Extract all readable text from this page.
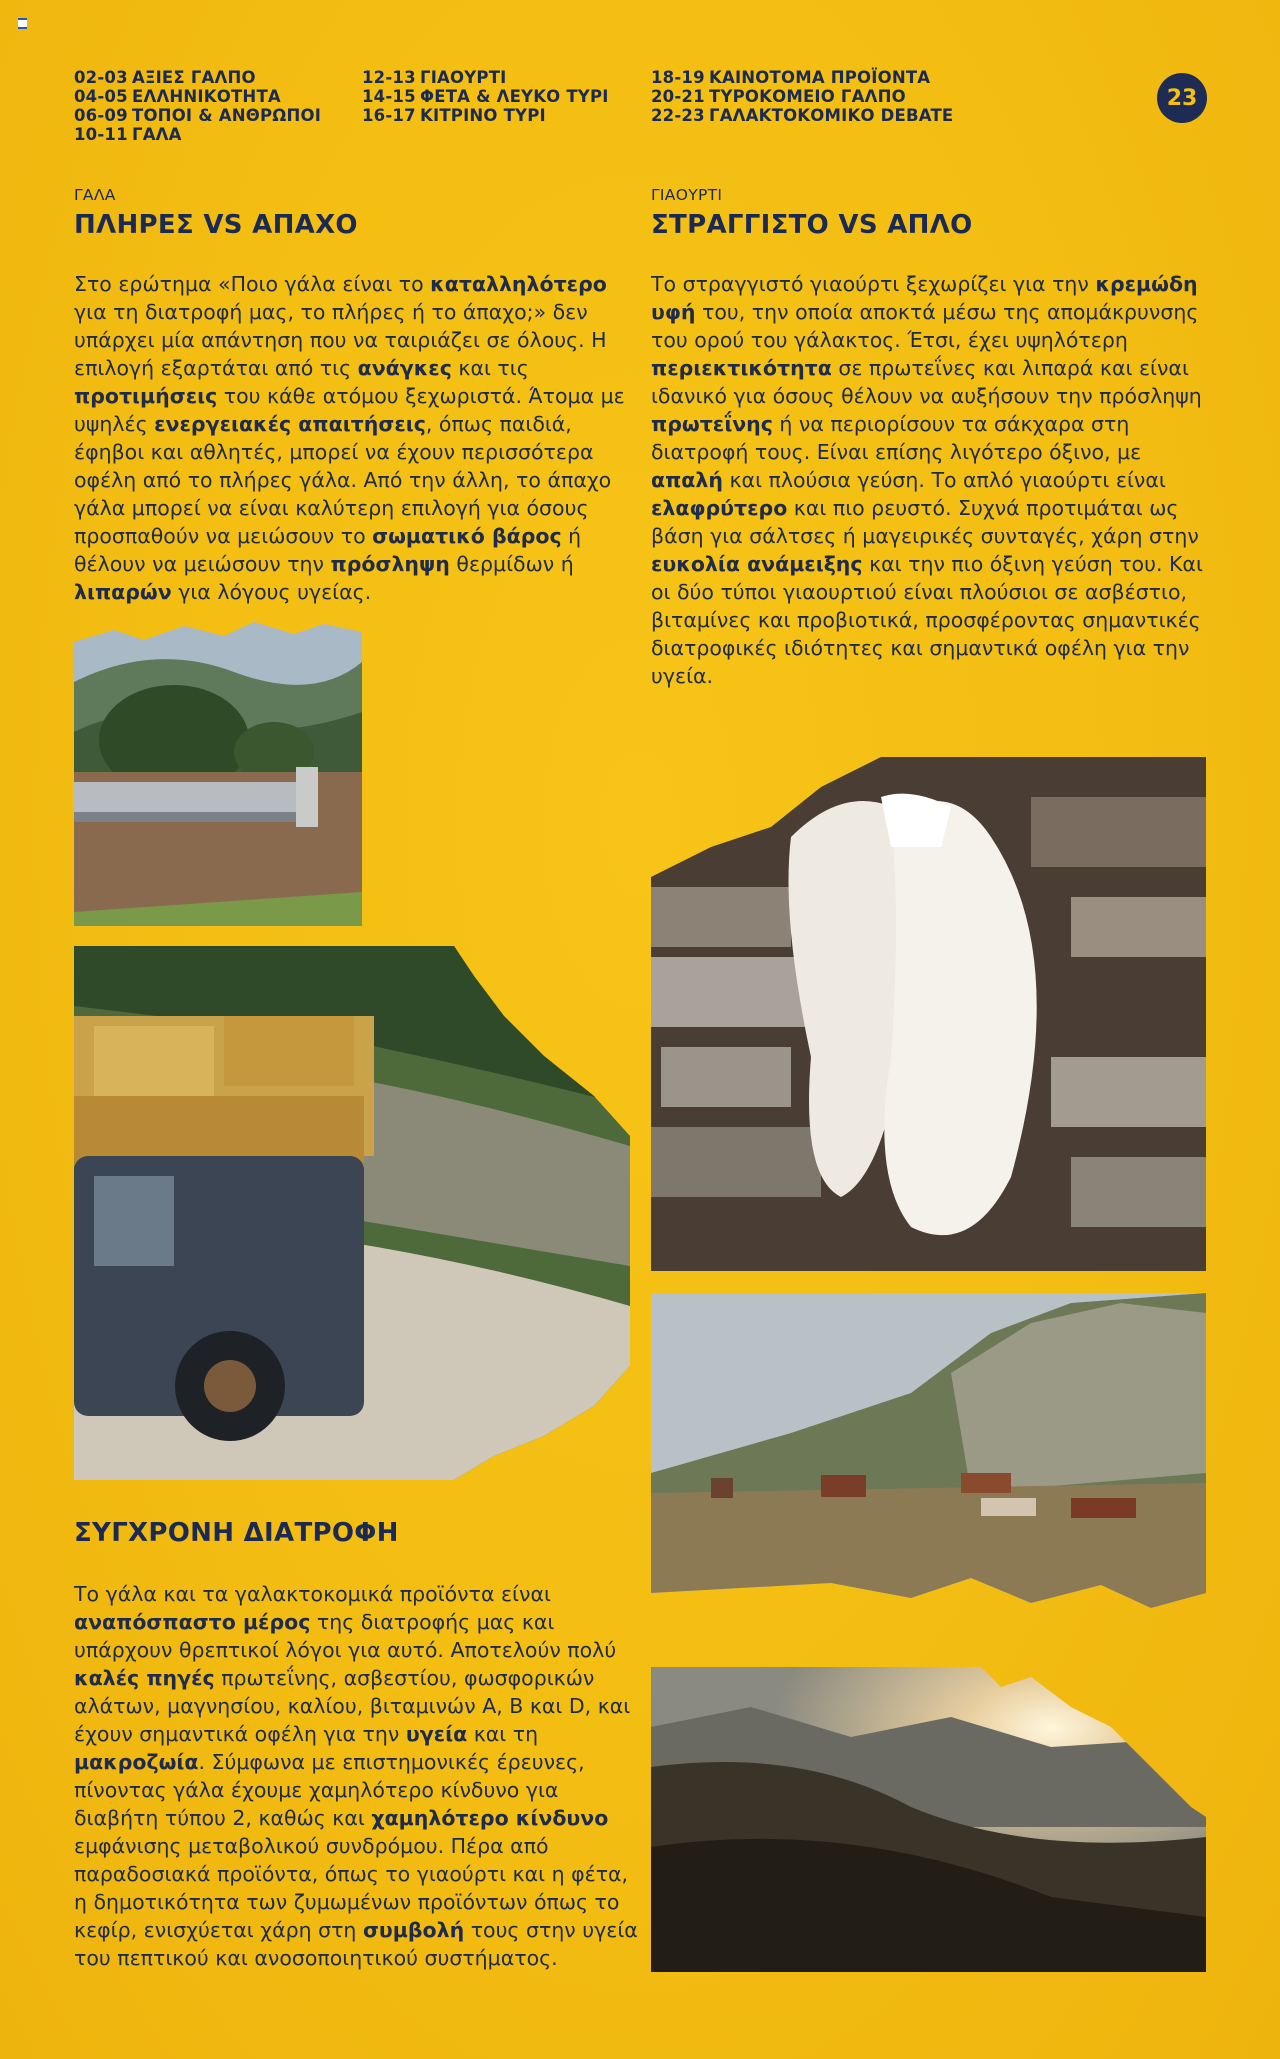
02-03 ΑΞΙΕΣ ΓΑΛΠΟ
04-05 ΕΛΛΗΝΙΚΟΤΗΤΑ
06-09 ΤΟΠΟΙ & ΑΝΘΡΩΠΟΙ
10-11 ΓΑΛΑ
12-13 ΓΙΑΟΥΡΤΙ
14-15 ΦΕΤΑ & ΛΕΥΚΟ ΤΥΡΙ
16-17 ΚΙΤΡΙΝΟ ΤΥΡΙ
18-19 ΚΑΙΝΟΤΟΜΑ ΠΡΟΪΟΝΤΑ
20-21 ΤΥΡΟΚΟΜΕΙΟ ΓΑΛΠΟ
22-23 ΓΑΛΑΚΤΟΚΟΜΙΚΟ DEBATE
23
ΓΑΛΑ
ΠΛΗΡΕΣ VS ΑΠΑΧΟ
Στο ερώτημα «Ποιο γάλα είναι το καταλληλότερο για τη διατροφή μας, το πλήρες ή το άπαχο;» δεν υπάρχει μία απάντηση που να ταιριάζει σε όλους. Η επιλογή εξαρτάται από τις ανάγκες και τις προτιμήσεις του κάθε ατόμου ξεχωριστά. Άτομα με υψηλές ενεργειακές απαιτήσεις, όπως παιδιά, έφηβοι και αθλητές, μπορεί να έχουν περισσότερα οφέλη από το πλήρες γάλα. Από την άλλη, το άπαχο γάλα μπορεί να είναι καλύτερη επιλογή για όσους προσπαθούν να μειώσουν το σωματικό βάρος ή θέλουν να μειώσουν την πρόσληψη θερμίδων ή λιπαρών για λόγους υγείας.
ΓΙΑΟΥΡΤΙ
ΣΤΡΑΓΓΙΣΤΟ VS ΑΠΛΟ
Το στραγγιστό γιαούρτι ξεχωρίζει για την κρεμώδη υφή του, την οποία αποκτά μέσω της απομάκρυνσης του ορού του γάλακτος. Έτσι, έχει υψηλότερη περιεκτικότητα σε πρωτεΐνες και λιπαρά και είναι ιδανικό για όσους θέλουν να αυξήσουν την πρόσληψη πρωτεΐνης ή να περιορίσουν τα σάκχαρα στη διατροφή τους. Είναι επίσης λιγότερο όξινο, με απαλή και πλούσια γεύση. Το απλό γιαούρτι είναι ελαφρύτερο και πιο ρευστό. Συχνά προτιμάται ως βάση για σάλτσες ή μαγειρικές συνταγές, χάρη στην ευκολία ανάμειξης και την πιο όξινη γεύση του. Και οι δύο τύποι γιαουρτιού είναι πλούσιοι σε ασβέστιο, βιταμίνες και προβιοτικά, προσφέροντας σημαντικές διατροφικές ιδιότητες και σημαντικά οφέλη για την υγεία.
ΣΥΓΧΡΟΝΗ ΔΙΑΤΡΟΦΗ
Το γάλα και τα γαλακτοκομικά προϊόντα είναι αναπόσπαστο μέρος της διατροφής μας και υπάρχουν θρεπτικοί λόγοι για αυτό. Αποτελούν πολύ καλές πηγές πρωτεΐνης, ασβεστίου, φωσφορικών αλάτων, μαγνησίου, καλίου, βιταμινών A, B και D, και έχουν σημαντικά οφέλη για την υγεία και τη μακροζωία. Σύμφωνα με επιστημονικές έρευνες, πίνοντας γάλα έχουμε χαμηλότερο κίνδυνο για διαβήτη τύπου 2, καθώς και χαμηλότερο κίνδυνο εμφάνισης μεταβολικού συνδρόμου. Πέρα από παραδοσιακά προϊόντα, όπως το γιαούρτι και η φέτα, η δημοτικότητα των ζυμωμένων προϊόντων όπως το κεφίρ, ενισχύεται χάρη στη συμβολή τους στην υγεία του πεπτικού και ανοσοποιητικού συστήματος.
